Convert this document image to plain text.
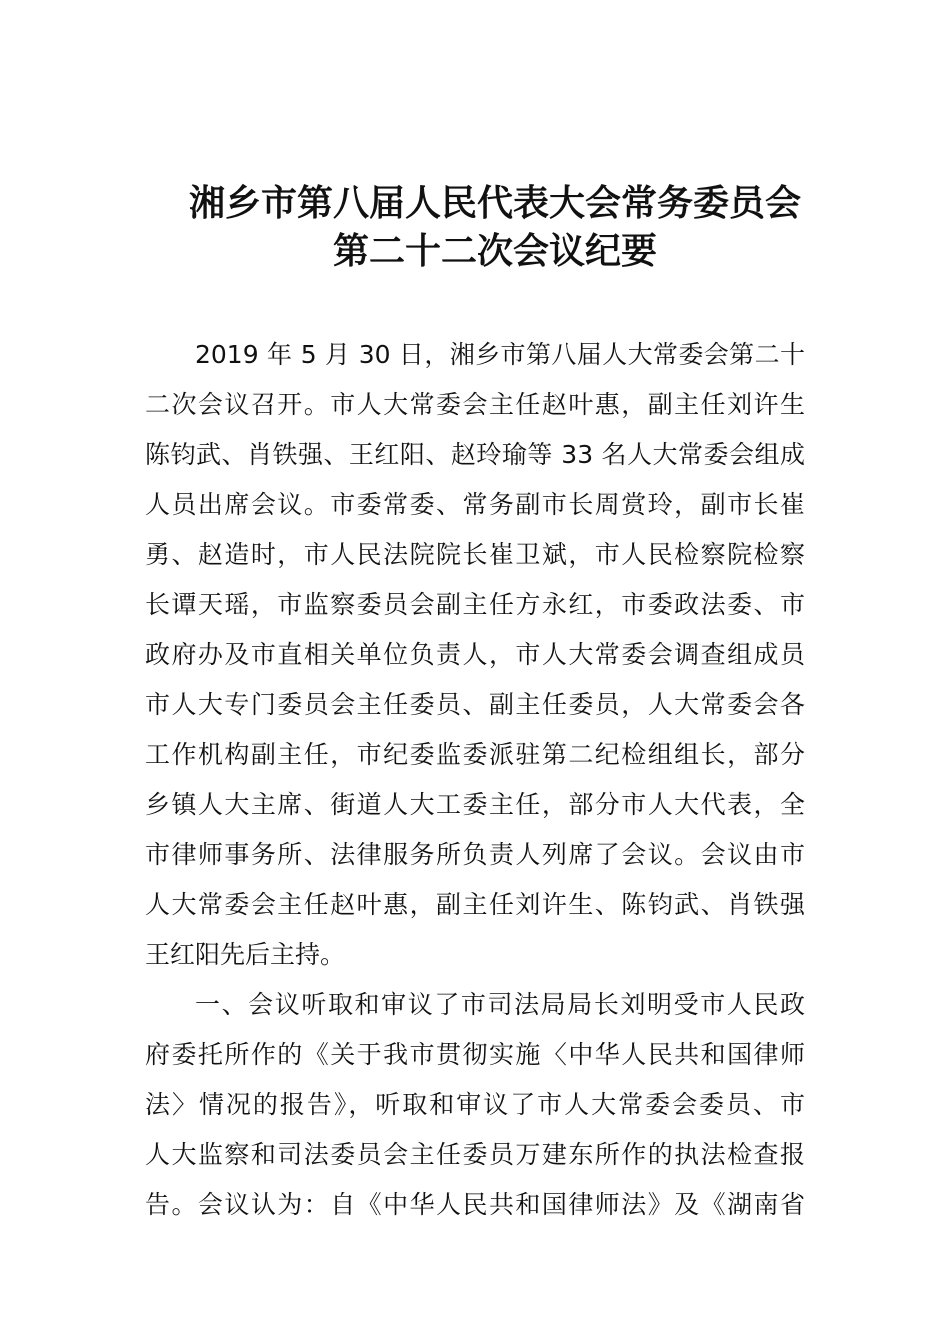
湘乡市第八届人民代表大会常务委员会
第二十二次会议纪要
2019 年 5 月 30 日，湘乡市第八届人大常委会第二十
二次会议召开。市人大常委会主任赵叶惠，副主任刘许生
陈钧武、肖铁强、王红阳、赵玲瑜等 33 名人大常委会组成
人员出席会议。市委常委、常务副市长周赏玲，副市长崔
勇、赵造时，市人民法院院长崔卫斌，市人民检察院检察
长谭天瑶，市监察委员会副主任方永红，市委政法委、市
政府办及市直相关单位负责人，市人大常委会调查组成员
市人大专门委员会主任委员、副主任委员，人大常委会各
工作机构副主任，市纪委监委派驻第二纪检组组长，部分
乡镇人大主席、街道人大工委主任，部分市人大代表，全
市律师事务所、法律服务所负责人列席了会议。会议由市
人大常委会主任赵叶惠，副主任刘许生、陈钧武、肖铁强
王红阳先后主持。
一、会议听取和审议了市司法局局长刘明受市人民政
府委托所作的《关于我市贯彻实施〈中华人民共和国律师
法〉情况的报告》，听取和审议了市人大常委会委员、市
人大监察和司法委员会主任委员万建东所作的执法检查报
告。会议认为：自《中华人民共和国律师法》及《湖南省
